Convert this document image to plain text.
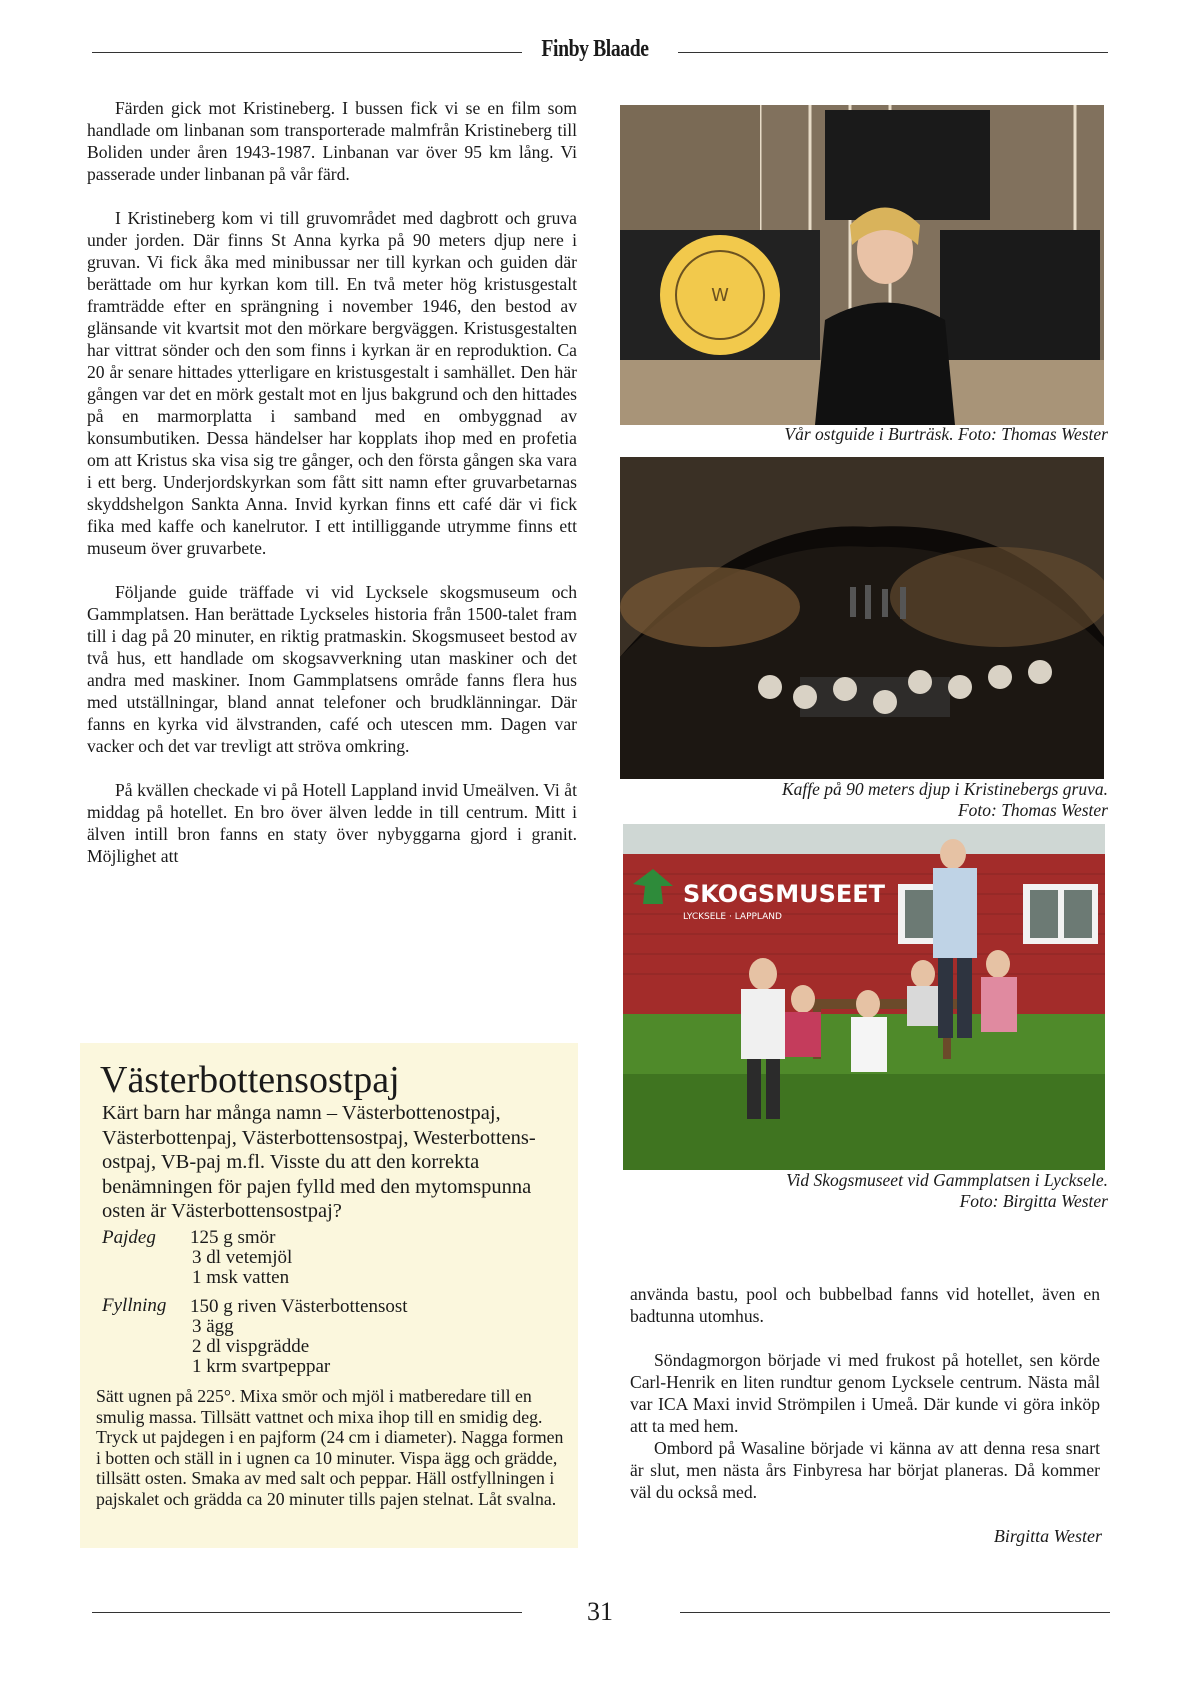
Finby Blaade

Färden gick mot Kristineberg. I bussen fick vi se en film som handlade om linbanan som transporterade malmfrån Kristineberg till Boliden under åren 1943-1987. Linbanan var över 95 km lång. Vi passerade under linbanan på vår färd.

I Kristineberg kom vi till gruvområdet med dagbrott och gruva under jorden. Där finns St Anna kyrka på 90 meters djup nere i gruvan. Vi fick åka med minibussar ner till kyrkan och guiden där berättade om hur kyrkan kom till. En två meter hög kristusgestalt framträdde efter en sprängning i november 1946, den bestod av glänsande vit kvartsit mot den mörkare bergväggen. Kristusgestalten har vittrat sönder och den som finns i kyrkan är en reproduktion. Ca 20 år senare hittades ytterligare en kristusgestalt i samhället. Den här gången var det en mörk gestalt mot en ljus bakgrund och den hittades på en marmorplatta i samband med en ombyggnad av konsumbutiken. Dessa händelser har kopplats ihop med en profetia om att Kristus ska visa sig tre gånger, och den första gången ska vara i ett berg. Underjordskyrkan som fått sitt namn efter gruvarbetarnas skyddshelgon Sankta Anna. Invid kyrkan finns ett café där vi fick fika med kaffe och kanelrutor. I ett intilliggande utrymme finns ett museum över gruvarbete.

Följande guide träffade vi vid Lycksele skogsmuseum och Gammplatsen. Han berättade Lyckseles historia från 1500-talet fram till i dag på 20 minuter, en riktig pratmaskin. Skogsmuseet bestod av två hus, ett handlade om skogsavverkning utan maskiner och det andra med maskiner. Inom Gammplatsens område fanns flera hus med utställningar, bland annat telefoner och brudklänningar. Där fanns en kyrka vid älvstranden, café och utescen mm. Dagen var vacker och det var trevligt att ströva omkring.

På kvällen checkade vi på Hotell Lappland invid Umeälven. Vi åt middag på hotellet. En bro över älven ledde in till centrum. Mitt i älven intill bron fanns en staty över nybyggarna gjord i granit. Möjlighet att

W
Vår ostguide i Burträsk. Foto: Thomas Wester
Kaffe på 90 meters djup i Kristinebergs gruva.
Foto: Thomas Wester
SKOGSMUSEET
LYCKSELE · LAPPLAND
Vid Skogsmuseet vid Gammplatsen i Lycksele.
Foto: Birgitta Wester
Västerbottensostpaj
Kärt barn har många namn – Västerbottenostpaj, Västerbottenpaj, Västerbottensostpaj, Westerbottens-ostpaj, VB-paj m.fl. Visste du att den korrekta benämningen för pajen fylld med den mytomspunna osten är Västerbottensostpaj?
Pajdeg 125 g smör
3 dl vetemjöl
1 msk vatten
Fyllning 150 g riven Västerbottensost
3 ägg
2 dl vispgrädde
1 krm svartpeppar
Sätt ugnen på 225°. Mixa smör och mjöl i matberedare till en smulig massa. Tillsätt vattnet och mixa ihop till en smidig deg. Tryck ut pajdegen i en pajform (24 cm i diameter). Nagga formen i botten och ställ in i ugnen ca 10 minuter. Vispa ägg och grädde, tillsätt osten. Smaka av med salt och peppar. Häll ostfyllningen i pajskalet och grädda ca 20 minuter tills pajen stelnat. Låt svalna.

använda bastu, pool och bubbelbad fanns vid hotellet, även en badtunna utomhus.

Söndagmorgon började vi med frukost på hotellet, sen körde Carl-Henrik en liten rundtur genom Lycksele centrum. Nästa mål var ICA Maxi invid Strömpilen i Umeå. Där kunde vi göra inköp att ta med hem.

Ombord på Wasaline började vi känna av att denna resa snart är slut, men nästa års Finbyresa har börjat planeras. Då kommer väl du också med.

Birgitta Wester
31
